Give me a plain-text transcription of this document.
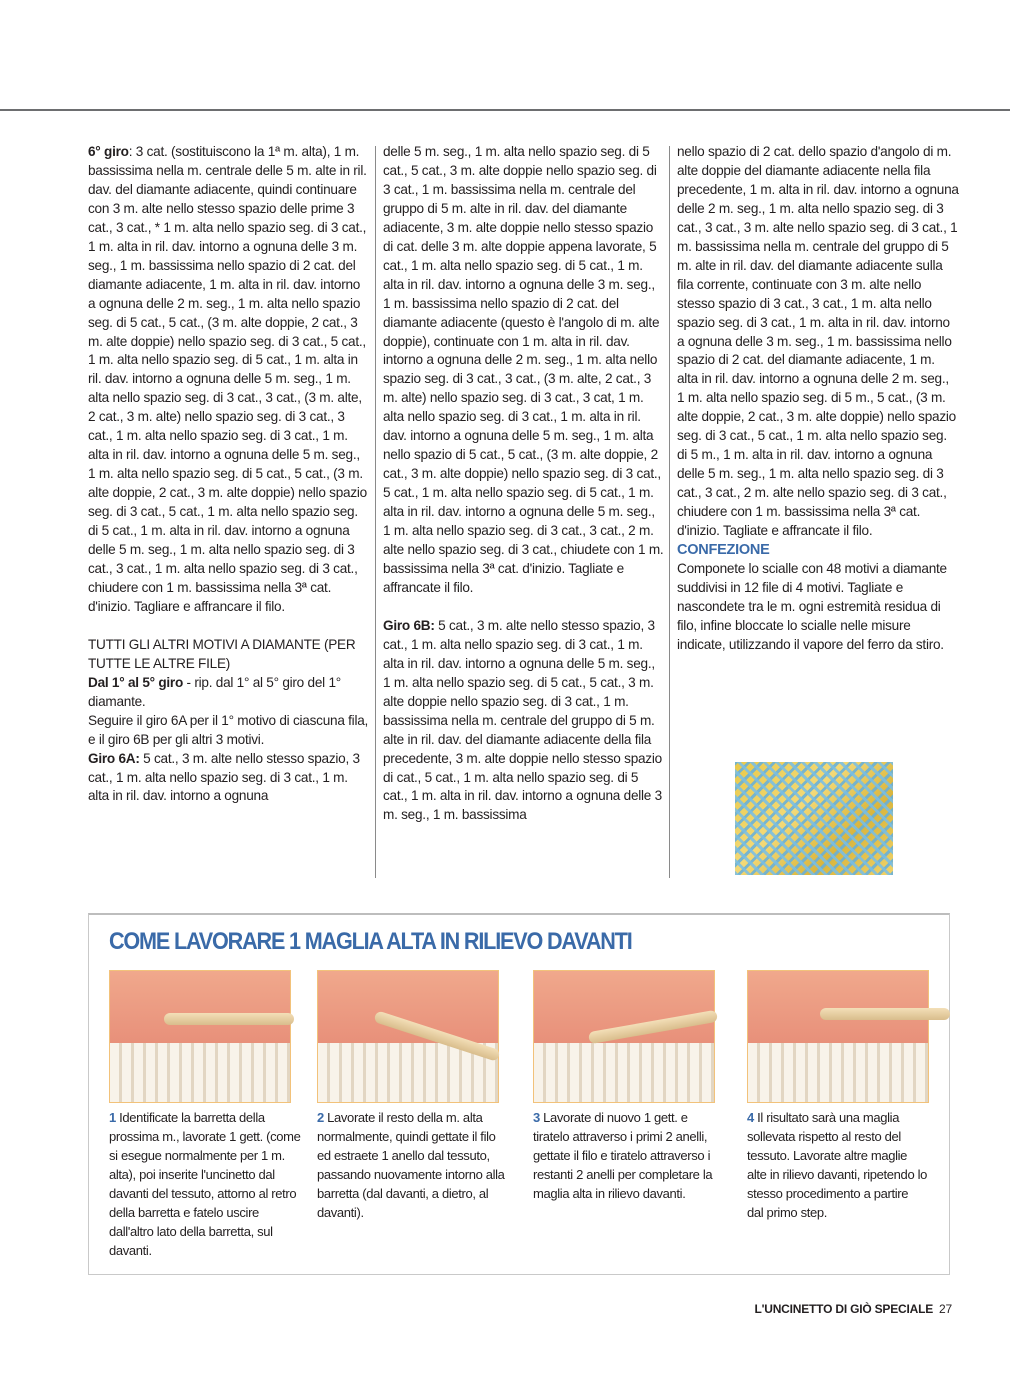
6° giro: 3 cat. (sostituiscono la 1ª m. alta), 1 m. bassissima nella m. centrale delle 5 m. alte in ril. dav. del diamante adiacente, quindi continuare con 3 m. alte nello stesso spazio delle prime 3 cat., 3 cat., * 1 m. alta nello spazio seg. di 3 cat., 1 m. alta in ril. dav. intorno a ognuna delle 3 m. seg., 1 m. bassissima nello spazio di 2 cat. del diamante adiacente, 1 m. alta in ril. dav. intorno a ognuna delle 2 m. seg., 1 m. alta nello spazio seg. di 5 cat., 5 cat., (3 m. alte doppie, 2 cat., 3 m. alte doppie) nello spazio seg. di 3 cat., 5 cat., 1 m. alta nello spazio seg. di 5 cat., 1 m. alta in ril. dav. intorno a ognuna delle 5 m. seg., 1 m. alta nello spazio seg. di 3 cat., 3 cat., (3 m. alte, 2 cat., 3 m. alte) nello spazio seg. di 3 cat., 3 cat., 1 m. alta nello spazio seg. di 3 cat., 1 m. alta in ril. dav. intorno a ognuna delle 5 m. seg., 1 m. alta nello spazio seg. di 5 cat., 5 cat., (3 m. alte doppie, 2 cat., 3 m. alte doppie) nello spazio seg. di 3 cat., 5 cat., 1 m. alta nello spazio seg. di 5 cat., 1 m. alta in ril. dav. intorno a ognuna delle 5 m. seg., 1 m. alta nello spazio seg. di 3 cat., 3 cat., 1 m. alta nello spazio seg. di 3 cat., chiudere con 1 m. bassissima nella 3ª cat. d'inizio. Tagliare e affrancare il filo.

TUTTI GLI ALTRI MOTIVI A DIAMANTE (PER TUTTE LE ALTRE FILE)

Dal 1° al 5° giro - rip. dal 1° al 5° giro del 1° diamante.

Seguire il giro 6A per il 1° motivo di ciascuna fila, e il giro 6B per gli altri 3 motivi.

Giro 6A: 5 cat., 3 m. alte nello stesso spazio, 3 cat., 1 m. alta nello spazio seg. di 3 cat., 1 m. alta in ril. dav. intorno a ognuna

delle 5 m. seg., 1 m. alta nello spazio seg. di 5 cat., 5 cat., 3 m. alte doppie nello spazio seg. di 3 cat., 1 m. bassissima nella m. centrale del gruppo di 5 m. alte in ril. dav. del diamante adiacente, 3 m. alte doppie nello stesso spazio di cat. delle 3 m. alte doppie appena lavorate, 5 cat., 1 m. alta nello spazio seg. di 5 cat., 1 m. alta in ril. dav. intorno a ognuna delle 3 m. seg., 1 m. bassissima nello spazio di 2 cat. del diamante adiacente (questo è l'angolo di m. alte doppie), continuate con 1 m. alta in ril. dav. intorno a ognuna delle 2 m. seg., 1 m. alta nello spazio seg. di 3 cat., 3 cat., (3 m. alte, 2 cat., 3 m. alte) nello spazio seg. di 3 cat., 3 cat, 1 m. alta nello spazio seg. di 3 cat., 1 m. alta in ril. dav. intorno a ognuna delle 5 m. seg., 1 m. alta nello spazio di 5 cat., 5 cat., (3 m. alte doppie, 2 cat., 3 m. alte doppie) nello spazio seg. di 3 cat., 5 cat., 1 m. alta nello spazio seg. di 5 cat., 1 m. alta in ril. dav. intorno a ognuna delle 5 m. seg., 1 m. alta nello spazio seg. di 3 cat., 3 cat., 2 m. alte nello spazio seg. di 3 cat., chiudete con 1 m. bassissima nella 3ª cat. d'inizio. Tagliate e affrancate il filo.

Giro 6B: 5 cat., 3 m. alte nello stesso spazio, 3 cat., 1 m. alta nello spazio seg. di 3 cat., 1 m. alta in ril. dav. intorno a ognuna delle 5 m. seg., 1 m. alta nello spazio seg. di 5 cat., 5 cat., 3 m. alte doppie nello spazio seg. di 3 cat., 1 m. bassissima nella m. centrale del gruppo di 5 m. alte in ril. dav. del diamante adiacente della fila precedente, 3 m. alte doppie nello stesso spazio di cat., 5 cat., 1 m. alta nello spazio seg. di 5 cat., 1 m. alta in ril. dav. intorno a ognuna delle 3 m. seg., 1 m. bassissima

nello spazio di 2 cat. dello spazio d'angolo di m. alte doppie del diamante adiacente nella fila precedente, 1 m. alta in ril. dav. intorno a ognuna delle 2 m. seg., 1 m. alta nello spazio seg. di 3 cat., 3 cat., 3 m. alte nello spazio seg. di 3 cat., 1 m. bassissima nella m. centrale del gruppo di 5 m. alte in ril. dav. del diamante adiacente sulla fila corrente, continuate con 3 m. alte nello stesso spazio di 3 cat., 3 cat., 1 m. alta nello spazio seg. di 3 cat., 1 m. alta in ril. dav. intorno a ognuna delle 3 m. seg., 1 m. bassissima nello spazio di 2 cat. del diamante adiacente, 1 m. alta in ril. dav. intorno a ognuna delle 2 m. seg., 1 m. alta nello spazio seg. di 5 m., 5 cat., (3 m. alte doppie, 2 cat., 3 m. alte doppie) nello spazio seg. di 3 cat., 5 cat., 1 m. alta nello spazio seg. di 5 m., 1 m. alta in ril. dav. intorno a ognuna delle 5 m. seg., 1 m. alta nello spazio seg. di 3 cat., 3 cat., 2 m. alte nello spazio seg. di 3 cat., chiudere con 1 m. bassissima nella 3ª cat. d'inizio. Tagliate e affrancate il filo.

CONFEZIONE

Componete lo scialle con 48 motivi a diamante suddivisi in 12 file di 4 motivi. Tagliate e nascondete tra le m. ogni estremità residua di filo, infine bloccate lo scialle nelle misure indicate, utilizzando il vapore del ferro da stiro.

COME LAVORARE 1 MAGLIA ALTA IN RILIEVO DAVANTI
1 Identificate la barretta della prossima m., lavorate 1 gett. (come si esegue normalmente per 1 m. alta), poi inserite l'uncinetto dal davanti del tessuto, attorno al retro della barretta e fatelo uscire dall'altro lato della barretta, sul davanti.
2 Lavorate il resto della m. alta normalmente, quindi gettate il filo ed estraete 1 anello dal tessuto, passando nuovamente intorno alla barretta (dal davanti, a dietro, al davanti).
3 Lavorate di nuovo 1 gett. e tiratelo attraverso i primi 2 anelli, gettate il filo e tiratelo attraverso i restanti 2 anelli per completare la maglia alta in rilievo davanti.
4 Il risultato sarà una maglia sollevata rispetto al resto del tessuto. Lavorate altre maglie alte in rilievo davanti, ripetendo lo stesso procedimento a partire dal primo step.
L'UNCINETTO DI GIÒ SPECIALE 27
